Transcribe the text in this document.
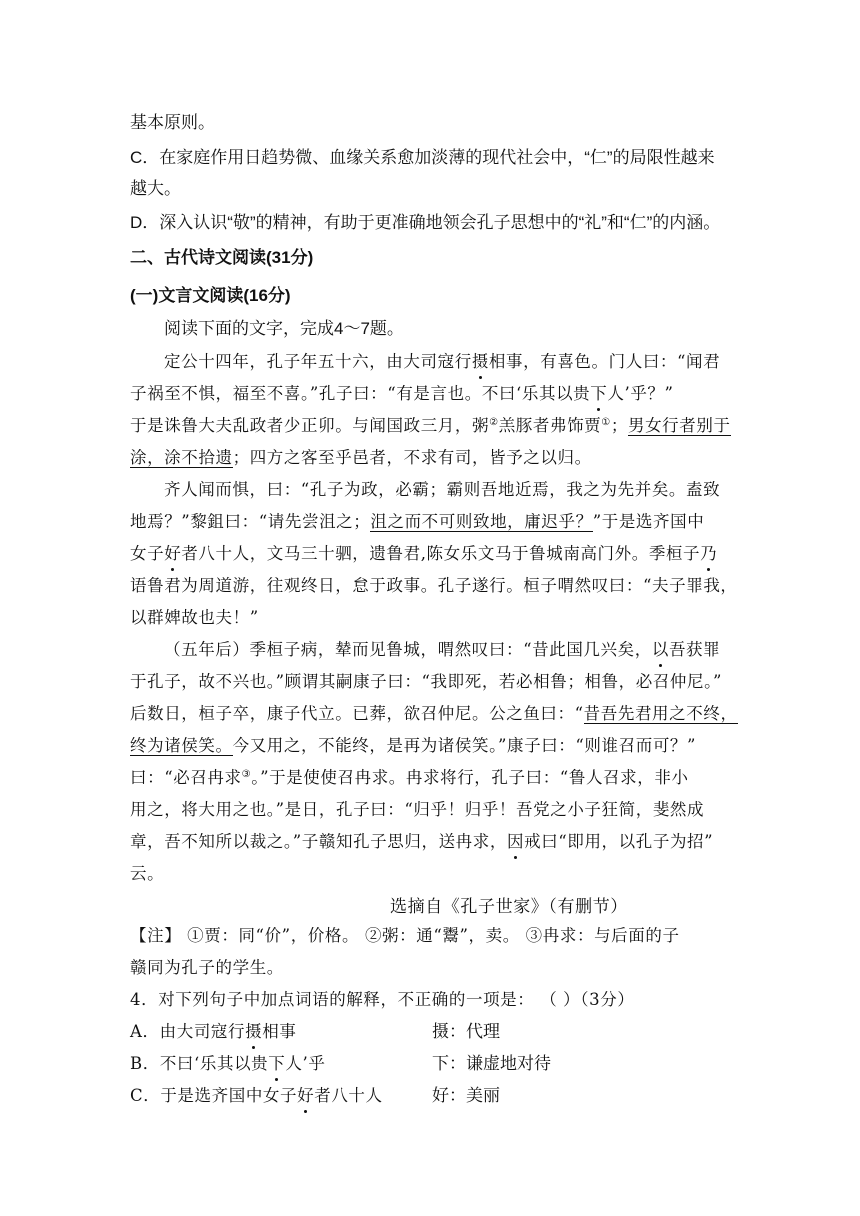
基本原则。
C．在家庭作用日趋势微、血缘关系愈加淡薄的现代社会中，“仁”的局限性越来
越大。
D．深入认识“敬”的精神，有助于更准确地领会孔子思想中的“礼”和“仁”的内涵。
二、古代诗文阅读(31分)
(一)文言文阅读(16分)
阅读下面的文字，完成4～7题。
定公十四年，孔子年五十六，由大司寇行摄相事，有喜色。门人曰：“闻君
子祸至不惧，福至不喜。”孔子曰：“有是言也。不曰‘乐其以贵下人’乎？”
于是诛鲁大夫乱政者少正卯。与闻国政三月，粥②羔豚者弗饰贾①；男女行者别于
涂，涂不拾遗；四方之客至乎邑者，不求有司，皆予之以归。
齐人闻而惧，曰：“孔子为政，必霸；霸则吾地近焉，我之为先并矣。盍致
地焉？”黎鉏曰：“请先尝沮之；沮之而不可则致地，庸迟乎？”于是选齐国中
女子好者八十人，文马三十驷，遗鲁君,陈女乐文马于鲁城南高门外。季桓子乃
语鲁君为周道游，往观终日，怠于政事。孔子遂行。桓子喟然叹曰：“夫子罪我，
以群婢故也夫！”
（五年后）季桓子病，辇而见鲁城，喟然叹曰：“昔此国几兴矣，以吾获罪
于孔子，故不兴也。”顾谓其嗣康子曰：“我即死，若必相鲁；相鲁，必召仲尼。”
后数日，桓子卒，康子代立。已葬，欲召仲尼。公之鱼曰：“昔吾先君用之不终，
终为诸侯笑。今又用之，不能终，是再为诸侯笑。”康子曰：“则谁召而可？”
曰：“必召冉求③。”于是使使召冉求。冉求将行，孔子曰：“鲁人召求，非小
用之，将大用之也。”是日，孔子曰：“归乎！归乎！吾党之小子狂简，斐然成
章，吾不知所以裁之。”子赣知孔子思归，送冉求，因戒曰“即用，以孔子为招”
云。
选摘自《孔子世家》（有删节）
【注】 ①贾：同“价”，价格。 ②粥：通“鬻”，卖。 ③冉求：与后面的子
赣同为孔子的学生。
4．对下列句子中加点词语的解释，不正确的一项是： （ ）（3分）
A．由大司寇行摄相事	摄：代理
B．不曰‘乐其以贵下人’乎	下：谦虚地对待
C．于是选齐国中女子好者八十人	好：美丽
